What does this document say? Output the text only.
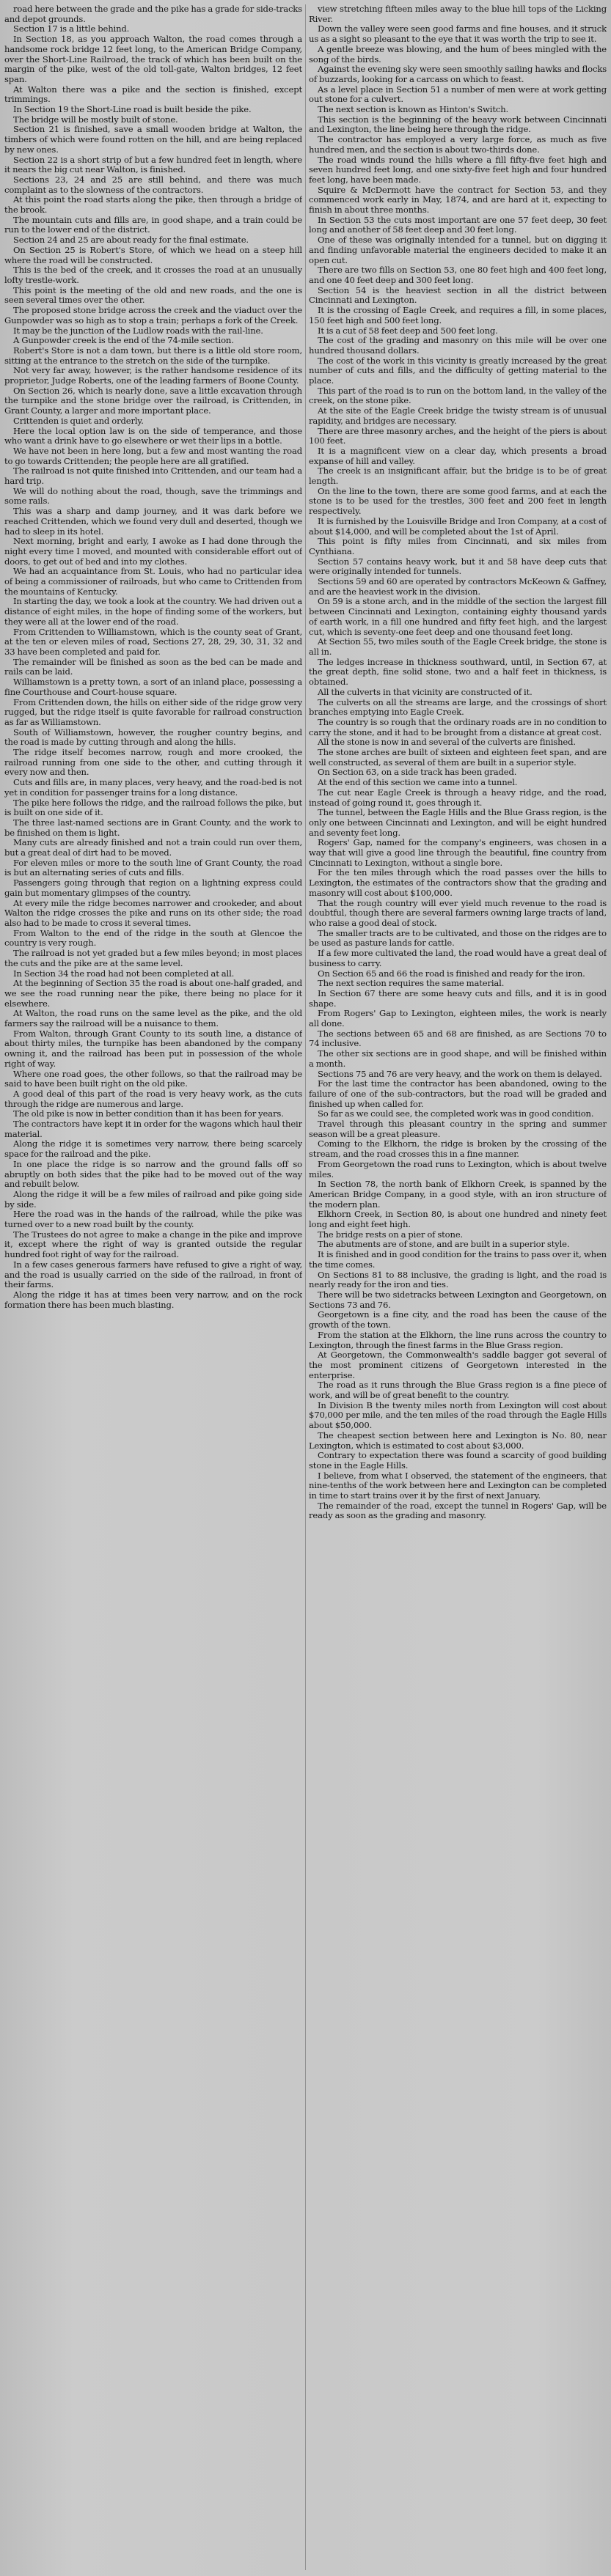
road here between the grade and the pike has a grade for side-tracks and depot grounds.

Section 17 is a little behind.

In Section 18, as you approach Walton, the road comes through a handsome rock bridge 12 feet long, to the American Bridge Company, over the Short-Line Railroad, the track of which has been built on the margin of the pike, west of the old toll-gate, Walton bridges, 12 feet span.

At Walton there was a pike and the section is finished, except trimmings.

In Section 19 the Short-Line road is built beside the pike.

The bridge will be mostly built of stone.

Section 21 is finished, save a small wooden bridge at Walton, the timbers of which were found rotten on the hill, and are being replaced by new ones.

Section 22 is a short strip of but a few hundred feet in length, where it nears the big cut near Walton, is finished.

Sections 23, 24 and 25 are still behind, and there was much complaint as to the slowness of the contractors.

At this point the road starts along the pike, then through a bridge of the brook.

The mountain cuts and fills are, in good shape, and a train could be run to the lower end of the district.

Section 24 and 25 are about ready for the final estimate.

On Section 25 is Robert's Store, of which we head on a steep hill where the road will be constructed.

This is the bed of the creek, and it crosses the road at an unusually lofty trestle-work.

This point is the meeting of the old and new roads, and the one is seen several times over the other.

The proposed stone bridge across the creek and the viaduct over the Gunpowder was so high as to stop a train; perhaps a fork of the Creek.

It may be the junction of the Ludlow roads with the rail-line.

A Gunpowder creek is the end of the 74-mile section.

Robert's Store is not a dam town, but there is a little old store room, sitting at the entrance to the stretch on the side of the turnpike.

Not very far away, however, is the rather handsome residence of its proprietor, Judge Roberts, one of the leading farmers of Boone County.

On Section 26, which is nearly done, save a little excavation through the turnpike and the stone bridge over the railroad, is Crittenden, in Grant County, a larger and more important place.

Crittenden is quiet and orderly.

Here the local option law is on the side of temperance, and those who want a drink have to go elsewhere or wet their lips in a bottle.

We have not been in here long, but a few and most wanting the road to go towards Crittenden; the people here are all gratified.

The railroad is not quite finished into Crittenden, and our team had a hard trip.

We will do nothing about the road, though, save the trimmings and some rails.

This was a sharp and damp journey, and it was dark before we reached Crittenden, which we found very dull and deserted, though we had to sleep in its hotel.

Next morning, bright and early, I awoke as I had done through the night every time I moved, and mounted with considerable effort out of doors, to get out of bed and into my clothes.

We had an acquaintance from St. Louis, who had no particular idea of being a commissioner of railroads, but who came to Crittenden from the mountains of Kentucky.

In starting the day, we took a look at the country. We had driven out a distance of eight miles, in the hope of finding some of the workers, but they were all at the lower end of the road.

From Crittenden to Williamstown, which is the county seat of Grant, at the ten or eleven miles of road, Sections 27, 28, 29, 30, 31, 32 and 33 have been completed and paid for.

The remainder will be finished as soon as the bed can be made and rails can be laid.

Williamstown is a pretty town, a sort of an inland place, possessing a fine Courthouse and Court-house square.

From Crittenden down, the hills on either side of the ridge grow very rugged, but the ridge itself is quite favorable for railroad construction as far as Williamstown.

South of Williamstown, however, the rougher country begins, and the road is made by cutting through and along the hills.

The ridge itself becomes narrow, rough and more crooked, the railroad running from one side to the other, and cutting through it every now and then.

Cuts and fills are, in many places, very heavy, and the road-bed is not yet in condition for passenger trains for a long distance.

The pike here follows the ridge, and the railroad follows the pike, but is built on one side of it.

The three last-named sections are in Grant County, and the work to be finished on them is light.

Many cuts are already finished and not a train could run over them, but a great deal of dirt had to be moved.

For eleven miles or more to the south line of Grant County, the road is but an alternating series of cuts and fills.

Passengers going through that region on a lightning express could gain but momentary glimpses of the country.

At every mile the ridge becomes narrower and crookeder, and about Walton the ridge crosses the pike and runs on its other side; the road also had to be made to cross it several times.

From Walton to the end of the ridge in the south at Glencoe the country is very rough.

The railroad is not yet graded but a few miles beyond; in most places the cuts and the pike are at the same level.

In Section 34 the road had not been completed at all.

At the beginning of Section 35 the road is about one-half graded, and we see the road running near the pike, there being no place for it elsewhere.

At Walton, the road runs on the same level as the pike, and the old farmers say the railroad will be a nuisance to them.

From Walton, through Grant County to its south line, a distance of about thirty miles, the turnpike has been abandoned by the company owning it, and the railroad has been put in possession of the whole right of way.

Where one road goes, the other follows, so that the railroad may be said to have been built right on the old pike.

A good deal of this part of the road is very heavy work, as the cuts through the ridge are numerous and large.

The old pike is now in better condition than it has been for years.

The contractors have kept it in order for the wagons which haul their material.

Along the ridge it is sometimes very narrow, there being scarcely space for the railroad and the pike.

In one place the ridge is so narrow and the ground falls off so abruptly on both sides that the pike had to be moved out of the way and rebuilt below.

Along the ridge it will be a few miles of railroad and pike going side by side.

Here the road was in the hands of the railroad, while the pike was turned over to a new road built by the county.

The Trustees do not agree to make a change in the pike and improve it, except where the right of way is granted outside the regular hundred foot right of way for the railroad.

In a few cases generous farmers have refused to give a right of way, and the road is usually carried on the side of the railroad, in front of their farms.

Along the ridge it has at times been very narrow, and on the rock formation there has been much blasting.

view stretching fifteen miles away to the blue hill tops of the Licking River.

Down the valley were seen good farms and fine houses, and it struck us as a sight so pleasant to the eye that it was worth the trip to see it.

A gentle breeze was blowing, and the hum of bees mingled with the song of the birds.

Against the evening sky were seen smoothly sailing hawks and flocks of buzzards, looking for a carcass on which to feast.

As a level place in Section 51 a number of men were at work getting out stone for a culvert.

The next section is known as Hinton's Switch.

This section is the beginning of the heavy work between Cincinnati and Lexington, the line being here through the ridge.

The contractor has employed a very large force, as much as five hundred men, and the section is about two-thirds done.

The road winds round the hills where a fill fifty-five feet high and seven hundred feet long, and one sixty-five feet high and four hundred feet long, have been made.

Squire & McDermott have the contract for Section 53, and they commenced work early in May, 1874, and are hard at it, expecting to finish in about three months.

In Section 53 the cuts most important are one 57 feet deep, 30 feet long and another of 58 feet deep and 30 feet long.

One of these was originally intended for a tunnel, but on digging it and finding unfavorable material the engineers decided to make it an open cut.

There are two fills on Section 53, one 80 feet high and 400 feet long, and one 40 feet deep and 300 feet long.

Section 54 is the heaviest section in all the district between Cincinnati and Lexington.

It is the crossing of Eagle Creek, and requires a fill, in some places, 150 feet high and 500 feet long.

It is a cut of 58 feet deep and 500 feet long.

The cost of the grading and masonry on this mile will be over one hundred thousand dollars.

The cost of the work in this vicinity is greatly increased by the great number of cuts and fills, and the difficulty of getting material to the place.

This part of the road is to run on the bottom land, in the valley of the creek, on the stone pike.

At the site of the Eagle Creek bridge the twisty stream is of unusual rapidity, and bridges are necessary.

There are three masonry arches, and the height of the piers is about 100 feet.

It is a magnificent view on a clear day, which presents a broad expanse of hill and valley.

The creek is an insignificant affair, but the bridge is to be of great length.

On the line to the town, there are some good farms, and at each the stone is to be used for the trestles, 300 feet and 200 feet in length respectively.

It is furnished by the Louisville Bridge and Iron Company, at a cost of about $14,000, and will be completed about the 1st of April.

This point is fifty miles from Cincinnati, and six miles from Cynthiana.

Section 57 contains heavy work, but it and 58 have deep cuts that were originally intended for tunnels.

Sections 59 and 60 are operated by contractors McKeown & Gaffney, and are the heaviest work in the division.

On 59 is a stone arch, and in the middle of the section the largest fill between Cincinnati and Lexington, containing eighty thousand yards of earth work, in a fill one hundred and fifty feet high, and the largest cut, which is seventy-one feet deep and one thousand feet long.

At Section 55, two miles south of the Eagle Creek bridge, the stone is all in.

The ledges increase in thickness southward, until, in Section 67, at the great depth, fine solid stone, two and a half feet in thickness, is obtained.

All the culverts in that vicinity are constructed of it.

The culverts on all the streams are large, and the crossings of short branches emptying into Eagle Creek.

The country is so rough that the ordinary roads are in no condition to carry the stone, and it had to be brought from a distance at great cost.

All the stone is now in and several of the culverts are finished.

The stone arches are built of sixteen and eighteen feet span, and are well constructed, as several of them are built in a superior style.

On Section 63, on a side track has been graded.

At the end of this section we came into a tunnel.

The cut near Eagle Creek is through a heavy ridge, and the road, instead of going round it, goes through it.

The tunnel, between the Eagle Hills and the Blue Grass region, is the only one between Cincinnati and Lexington, and will be eight hundred and seventy feet long.

Rogers' Gap, named for the company's engineers, was chosen in a way that will give a good line through the beautiful, fine country from Cincinnati to Lexington, without a single bore.

For the ten miles through which the road passes over the hills to Lexington, the estimates of the contractors show that the grading and masonry will cost about $100,000.

That the rough country will ever yield much revenue to the road is doubtful, though there are several farmers owning large tracts of land, who raise a good deal of stock.

The smaller tracts are to be cultivated, and those on the ridges are to be used as pasture lands for cattle.

If a few more cultivated the land, the road would have a great deal of business to carry.

On Section 65 and 66 the road is finished and ready for the iron.

The next section requires the same material.

In Section 67 there are some heavy cuts and fills, and it is in good shape.

From Rogers' Gap to Lexington, eighteen miles, the work is nearly all done.

The sections between 65 and 68 are finished, as are Sections 70 to 74 inclusive.

The other six sections are in good shape, and will be finished within a month.

Sections 75 and 76 are very heavy, and the work on them is delayed.

For the last time the contractor has been abandoned, owing to the failure of one of the sub-contractors, but the road will be graded and finished up when called for.

So far as we could see, the completed work was in good condition.

Travel through this pleasant country in the spring and summer season will be a great pleasure.

Coming to the Elkhorn, the ridge is broken by the crossing of the stream, and the road crosses this in a fine manner.

From Georgetown the road runs to Lexington, which is about twelve miles.

In Section 78, the north bank of Elkhorn Creek, is spanned by the American Bridge Company, in a good style, with an iron structure of the modern plan.

Elkhorn Creek, in Section 80, is about one hundred and ninety feet long and eight feet high.

The bridge rests on a pier of stone.

The abutments are of stone, and are built in a superior style.

It is finished and in good condition for the trains to pass over it, when the time comes.

On Sections 81 to 88 inclusive, the grading is light, and the road is nearly ready for the iron and ties.

There will be two sidetracks between Lexington and Georgetown, on Sections 73 and 76.

Georgetown is a fine city, and the road has been the cause of the growth of the town.

From the station at the Elkhorn, the line runs across the country to Lexington, through the finest farms in the Blue Grass region.

At Georgetown, the Commonwealth's saddle bagger got several of the most prominent citizens of Georgetown interested in the enterprise.

The road as it runs through the Blue Grass region is a fine piece of work, and will be of great benefit to the country.

In Division B the twenty miles north from Lexington will cost about $70,000 per mile, and the ten miles of the road through the Eagle Hills about $50,000.

The cheapest section between here and Lexington is No. 80, near Lexington, which is estimated to cost about $3,000.

Contrary to expectation there was found a scarcity of good building stone in the Eagle Hills.

I believe, from what I observed, the statement of the engineers, that nine-tenths of the work between here and Lexington can be completed in time to start trains over it by the first of next January.

The remainder of the road, except the tunnel in Rogers' Gap, will be ready as soon as the grading and masonry.
